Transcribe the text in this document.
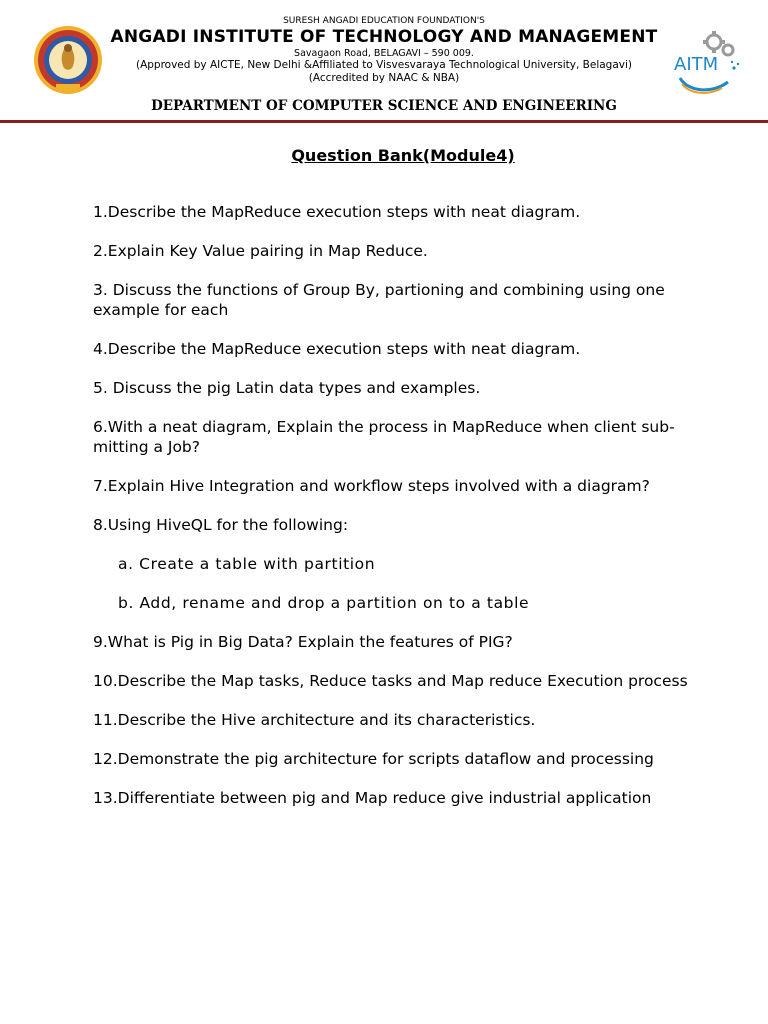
SURESH ANGADI EDUCATION FOUNDATION'S
ANGADI INSTITUTE OF TECHNOLOGY AND MANAGEMENT
Savagaon Road, BELAGAVI – 590 009.
(Approved by AICTE, New Delhi &Affiliated to Visvesvaraya Technological University, Belagavi)
(Accredited by NAAC & NBA)
AITM
DEPARTMENT OF COMPUTER SCIENCE AND ENGINEERING
Question Bank(Module4)
1.Describe the MapReduce execution steps with neat diagram.
2.Explain Key Value pairing in Map Reduce.
3. Discuss the functions of Group By, partioning and combining using one example for each
4.Describe the MapReduce execution steps with neat diagram.
5. Discuss the pig Latin data types and examples.
6.With a neat diagram, Explain the process in MapReduce when client sub-mitting a Job?
7.Explain Hive Integration and workflow steps involved with a diagram?
8.Using HiveQL for the following:
a. Create a table with partition
b. Add, rename and drop a partition on to a table
9.What is Pig in Big Data? Explain the features of PIG?
10.Describe the Map tasks, Reduce tasks and Map reduce Execution process
11.Describe the Hive architecture and its characteristics.
12.Demonstrate the pig architecture for scripts dataflow and processing
13.Differentiate between pig and Map reduce give industrial application
